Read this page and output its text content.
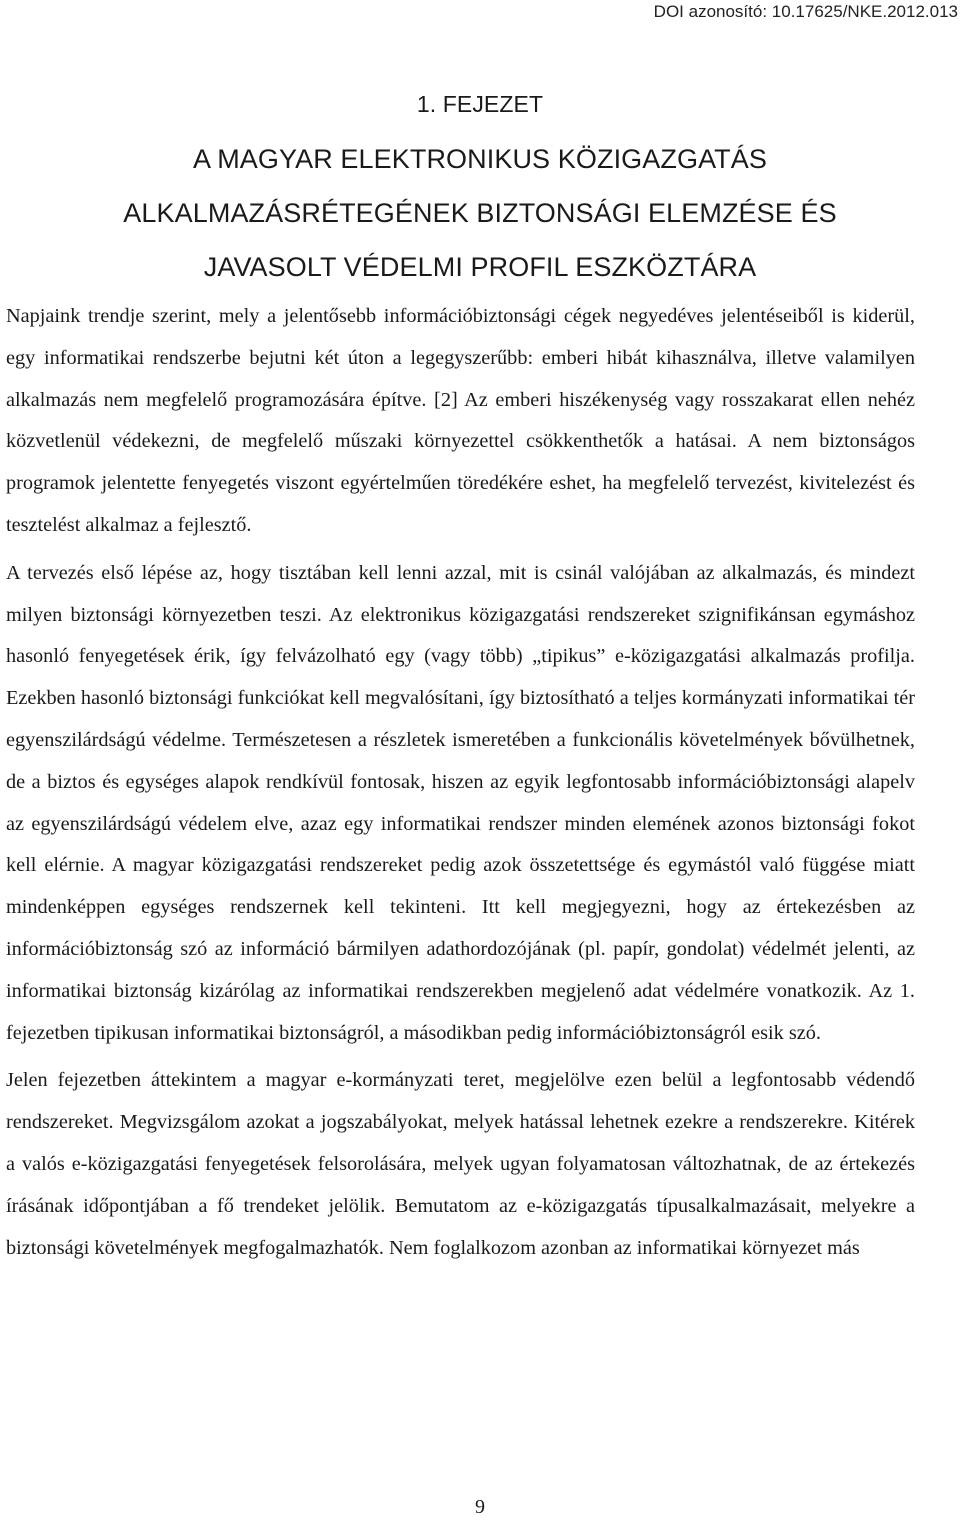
DOI azonosító: 10.17625/NKE.2012.013
1. FEJEZET
A MAGYAR ELEKTRONIKUS KÖZIGAZGATÁS
ALKALMAZÁSRÉTEGÉNEK BIZTONSÁGI ELEMZÉSE ÉS
JAVASOLT VÉDELMI PROFIL ESZKÖZTÁRA

Napjaink trendje szerint, mely a jelentősebb információbiztonsági cégek negyedéves jelentéseiből is kiderül, egy informatikai rendszerbe bejutni két úton a legegyszerűbb: emberi hibát kihasználva, illetve valamilyen alkalmazás nem megfelelő programozására építve. [2] Az emberi hiszékenység vagy rosszakarat ellen nehéz közvetlenül védekezni, de megfelelő műszaki környezettel csökkenthetők a hatásai. A nem biztonságos programok jelentette fenyegetés viszont egyértelműen töredékére eshet, ha megfelelő tervezést, kivitelezést és tesztelést alkalmaz a fejlesztő.

A tervezés első lépése az, hogy tisztában kell lenni azzal, mit is csinál valójában az alkalmazás, és mindezt milyen biztonsági környezetben teszi. Az elektronikus közigazgatási rendszereket szignifikánsan egymáshoz hasonló fenyegetések érik, így felvázolható egy (vagy több) „tipikus” e-közigazgatási alkalmazás profilja. Ezekben hasonló biztonsági funkciókat kell megvalósítani, így biztosítható a teljes kormányzati informatikai tér egyenszilárdságú védelme. Természetesen a részletek ismeretében a funkcionális követelmények bővülhetnek, de a biztos és egységes alapok rendkívül fontosak, hiszen az egyik legfontosabb információbiztonsági alapelv az egyenszilárdságú védelem elve, azaz egy informatikai rendszer minden elemének azonos biztonsági fokot kell elérnie. A magyar közigazgatási rendszereket pedig azok összetettsége és egymástól való függése miatt mindenképpen egységes rendszernek kell tekinteni. Itt kell megjegyezni, hogy az értekezésben az információbiztonság szó az információ bármilyen adathordozójának (pl. papír, gondolat) védelmét jelenti, az informatikai biztonság kizárólag az informatikai rendszerekben megjelenő adat védelmére vonatkozik. Az 1. fejezetben tipikusan informatikai biztonságról, a másodikban pedig információbiztonságról esik szó.

Jelen fejezetben áttekintem a magyar e-kormányzati teret, megjelölve ezen belül a legfontosabb védendő rendszereket. Megvizsgálom azokat a jogszabályokat, melyek hatással lehetnek ezekre a rendszerekre. Kitérek a valós e-közigazgatási fenyegetések felsorolására, melyek ugyan folyamatosan változhatnak, de az értekezés írásának időpontjában a fő trendeket jelölik. Bemutatom az e-közigazgatás típusalkalmazásait, melyekre a biztonsági követelmények megfogalmazhatók. Nem foglalkozom azonban az informatikai környezet más

9
